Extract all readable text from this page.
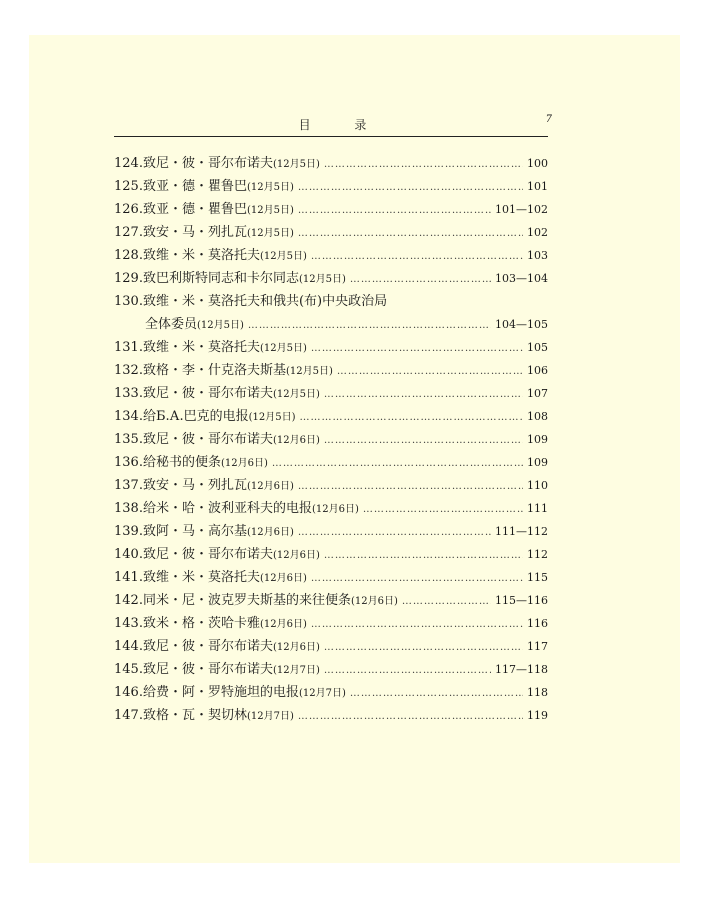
目 录	7
124.致尼・彼・哥尔布诺夫 (12月5日) ………………………………………………………………………………………………………………………………	100
125.致亚・德・瞿鲁巴 (12月5日) ………………………………………………………………………………………………………………………………	101
126.致亚・德・瞿鲁巴 (12月5日) ………………………………………………………………………………………………………………………………	101—102
127.致安・马・列扎瓦 (12月5日) ………………………………………………………………………………………………………………………………	102
128.致维・米・莫洛托夫 (12月5日) ………………………………………………………………………………………………………………………………	103
129.致巴利斯特同志和卡尔同志 (12月5日) ………………………………………………………………………………………………………………………………	103—104
130.致维・米・莫洛托夫和俄共(布)中央政治局
全体委员 (12月5日) ………………………………………………………………………………………………………………………………	104—105
131.致维・米・莫洛托夫 (12月5日) ………………………………………………………………………………………………………………………………	105
132.致格・李・什克洛夫斯基 (12月5日) ………………………………………………………………………………………………………………………………	106
133.致尼・彼・哥尔布诺夫 (12月5日) ………………………………………………………………………………………………………………………………	107
134.给Б.А.巴克的电报 (12月5日) ………………………………………………………………………………………………………………………………	108
135.致尼・彼・哥尔布诺夫 (12月6日) ………………………………………………………………………………………………………………………………	109
136.给秘书的便条 (12月6日) ………………………………………………………………………………………………………………………………	109
137.致安・马・列扎瓦 (12月6日) ………………………………………………………………………………………………………………………………	110
138.给米・哈・波利亚科夫的电报 (12月6日) ………………………………………………………………………………………………………………………………	111
139.致阿・马・高尔基 (12月6日) ………………………………………………………………………………………………………………………………	111—112
140.致尼・彼・哥尔布诺夫 (12月6日) ………………………………………………………………………………………………………………………………	112
141.致维・米・莫洛托夫 (12月6日) ………………………………………………………………………………………………………………………………	115
142.同米・尼・波克罗夫斯基的来往便条 (12月6日) ………………………………………………………………………………………………………………………………	115—116
143.致米・格・茨哈卡雅 (12月6日) ………………………………………………………………………………………………………………………………	116
144.致尼・彼・哥尔布诺夫 (12月6日) ………………………………………………………………………………………………………………………………	117
145.致尼・彼・哥尔布诺夫 (12月7日) ………………………………………………………………………………………………………………………………	117—118
146.给费・阿・罗特施坦的电报 (12月7日) ………………………………………………………………………………………………………………………………	118
147.致格・瓦・契切林 (12月7日) ………………………………………………………………………………………………………………………………	119
